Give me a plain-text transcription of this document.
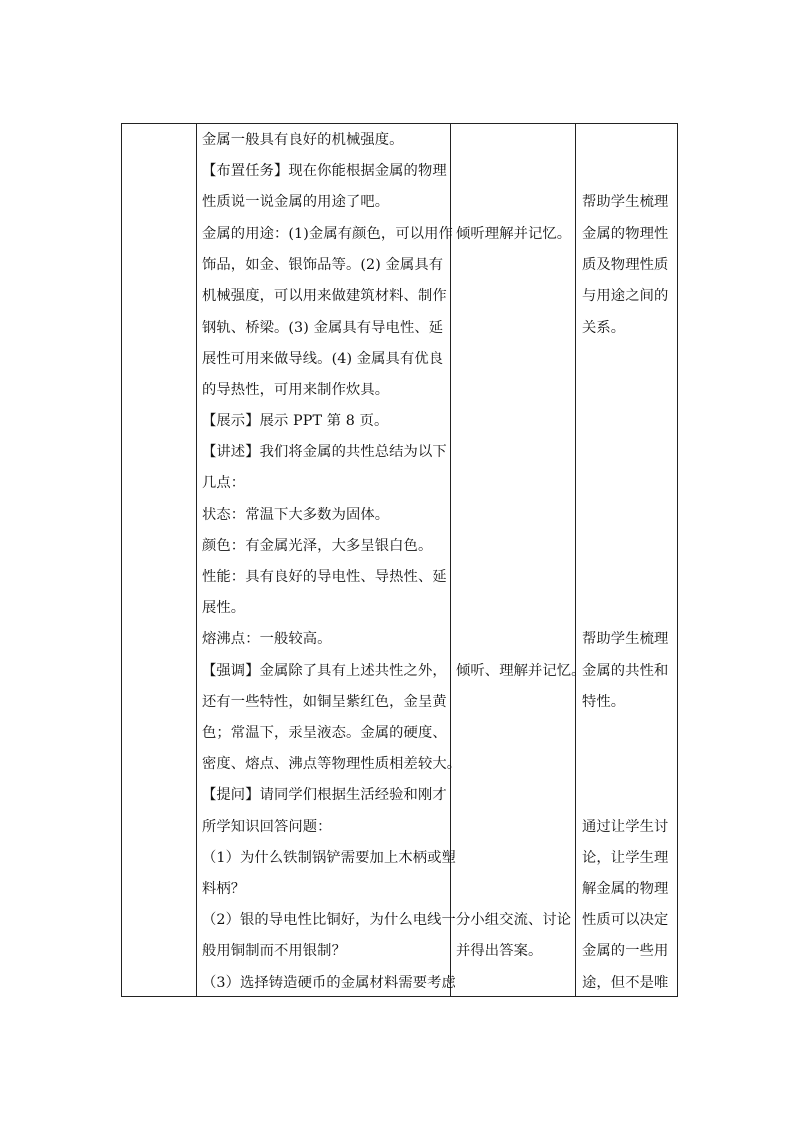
金属一般具有良好的机械强度。
【布置任务】现在你能根据金属的物理
性质说一说金属的用途了吧。
金属的用途：(1)金属有颜色，可以用作
饰品，如金、银饰品等。(2) 金属具有
机械强度，可以用来做建筑材料、制作
钢轨、桥梁。(3) 金属具有导电性、延
展性可用来做导线。(4) 金属具有优良
的导热性，可用来制作炊具。
【展示】展示 PPT 第 8 页。
【讲述】我们将金属的共性总结为以下
几点：
状态：常温下大多数为固体。
颜色：有金属光泽，大多呈银白色。
性能：具有良好的导电性、导热性、延
展性。
熔沸点：一般较高。
【强调】金属除了具有上述共性之外，
还有一些特性，如铜呈紫红色，金呈黄
色；常温下，汞呈液态。金属的硬度、
密度、熔点、沸点等物理性质相差较大。
【提问】请同学们根据生活经验和刚才
所学知识回答问题：
（1）为什么铁制锅铲需要加上木柄或塑
料柄？
（2）银的导电性比铜好，为什么电线一
般用铜制而不用银制？
（3）选择铸造硬币的金属材料需要考虑
倾听理解并记忆。
倾听、理解并记忆。
分小组交流、讨论
并得出答案。
帮助学生梳理
金属的物理性
质及物理性质
与用途之间的
关系。
帮助学生梳理
金属的共性和
特性。
通过让学生讨
论，让学生理
解金属的物理
性质可以决定
金属的一些用
途，但不是唯
